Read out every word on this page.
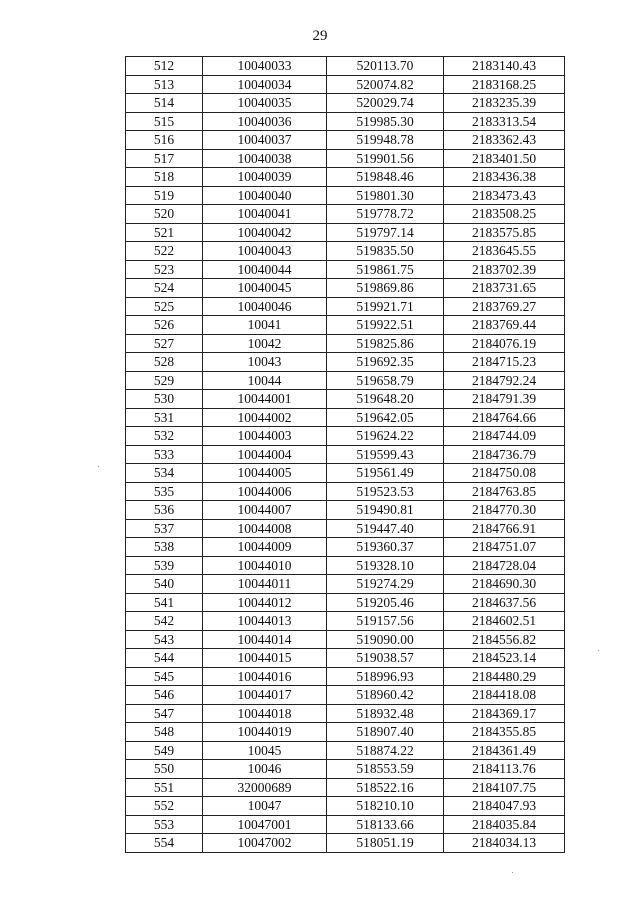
29
512	10040033	520113.70	2183140.43
513	10040034	520074.82	2183168.25
514	10040035	520029.74	2183235.39
515	10040036	519985.30	2183313.54
516	10040037	519948.78	2183362.43
517	10040038	519901.56	2183401.50
518	10040039	519848.46	2183436.38
519	10040040	519801.30	2183473.43
520	10040041	519778.72	2183508.25
521	10040042	519797.14	2183575.85
522	10040043	519835.50	2183645.55
523	10040044	519861.75	2183702.39
524	10040045	519869.86	2183731.65
525	10040046	519921.71	2183769.27
526	10041	519922.51	2183769.44
527	10042	519825.86	2184076.19
528	10043	519692.35	2184715.23
529	10044	519658.79	2184792.24
530	10044001	519648.20	2184791.39
531	10044002	519642.05	2184764.66
532	10044003	519624.22	2184744.09
533	10044004	519599.43	2184736.79
534	10044005	519561.49	2184750.08
535	10044006	519523.53	2184763.85
536	10044007	519490.81	2184770.30
537	10044008	519447.40	2184766.91
538	10044009	519360.37	2184751.07
539	10044010	519328.10	2184728.04
540	10044011	519274.29	2184690.30
541	10044012	519205.46	2184637.56
542	10044013	519157.56	2184602.51
543	10044014	519090.00	2184556.82
544	10044015	519038.57	2184523.14
545	10044016	518996.93	2184480.29
546	10044017	518960.42	2184418.08
547	10044018	518932.48	2184369.17
548	10044019	518907.40	2184355.85
549	10045	518874.22	2184361.49
550	10046	518553.59	2184113.76
551	32000689	518522.16	2184107.75
552	10047	518210.10	2184047.93
553	10047001	518133.66	2184035.84
554	10047002	518051.19	2184034.13
